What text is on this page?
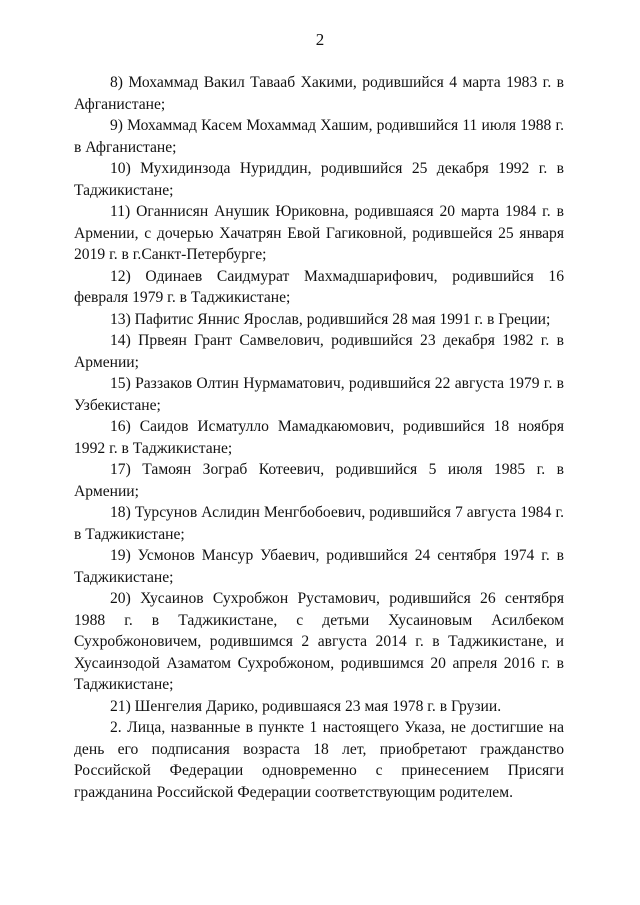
2

8) Мохаммад Вакил Тавааб Хакими, родившийся 4 марта 1983 г. в Афганистане;

9) Мохаммад Касем Мохаммад Хашим, родившийся 11 июля 1988 г. в Афганистане;

10) Мухидинзода Нуриддин, родившийся 25 декабря 1992 г. в Таджикистане;

11) Оганнисян Анушик Юриковна, родившаяся 20 марта 1984 г. в Армении, с дочерью Хачатрян Евой Гагиковной, родившейся 25 января 2019 г. в г.Санкт-Петербурге;

12) Одинаев Саидмурат Махмадшарифович, родившийся 16 февраля 1979 г. в Таджикистане;

13) Пафитис Яннис Ярослав, родившийся 28 мая 1991 г. в Греции;

14) Првеян Грант Самвелович, родившийся 23 декабря 1982 г. в Армении;

15) Раззаков Олтин Нурмаматович, родившийся 22 августа 1979 г. в Узбекистане;

16) Саидов Исматулло Мамадкаюмович, родившийся 18 ноября 1992 г. в Таджикистане;

17) Тамоян Зограб Котеевич, родившийся 5 июля 1985 г. в Армении;

18) Турсунов Аслидин Менгбобоевич, родившийся 7 августа 1984 г. в Таджикистане;

19) Усмонов Мансур Убаевич, родившийся 24 сентября 1974 г. в Таджикистане;

20) Хусаинов Сухробжон Рустамович, родившийся 26 сентября 1988 г. в Таджикистане, с детьми Хусаиновым Асилбеком Сухробжоновичем, родившимся 2 августа 2014 г. в Таджикистане, и Хусаинзодой Азаматом Сухробжоном, родившимся 20 апреля 2016 г. в Таджикистане;

21) Шенгелия Дарико, родившаяся 23 мая 1978 г. в Грузии.

2. Лица, названные в пункте 1 настоящего Указа, не достигшие на день его подписания возраста 18 лет, приобретают гражданство Российской Федерации одновременно с принесением Присяги гражданина Российской Федерации соответствующим родителем.
